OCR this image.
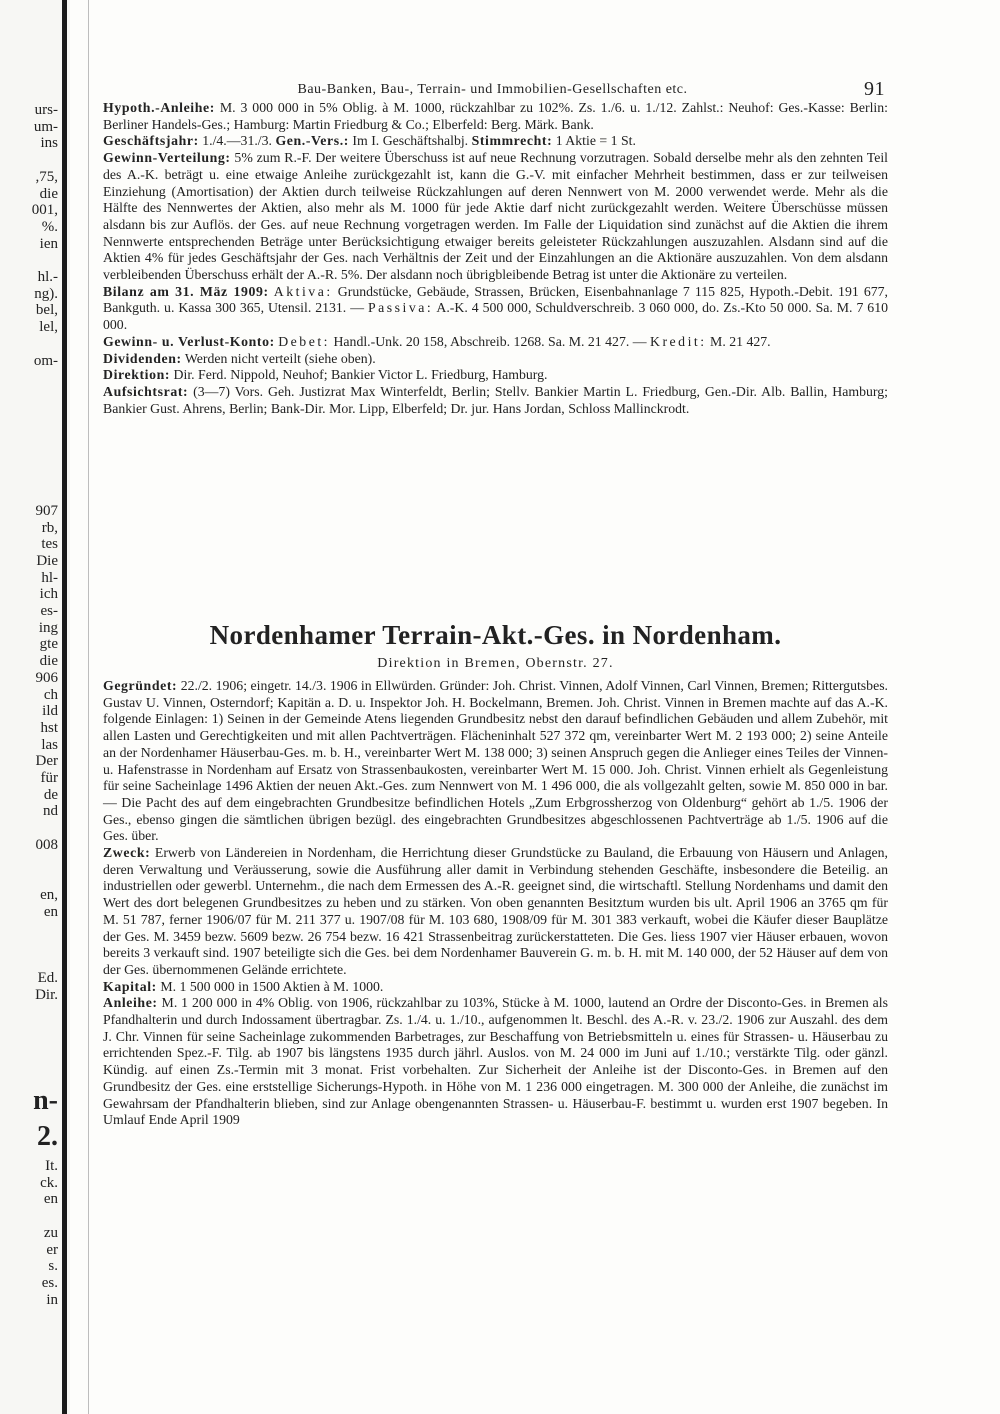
urs-
um-
ins
,75,
die
001,
%.
ien
hl.-
ng).
bel,
lel,
om-
907
rb,
tes
Die
hl-
ich
es-
ing
gte
die
906
ch
ild
hst
las
Der
für
de
nd
008
en,
en
Ed.
Dir.
n-
2.
It.
ck.
en
zu
er
s.
es.
in
Bau-Banken, Bau-, Terrain- und Immobilien-Gesellschaften etc.	91

Hypoth.-Anleihe: M. 3 000 000 in 5% Oblig. à M. 1000, rückzahlbar zu 102%. Zs. 1./6. u. 1./12. Zahlst.: Neuhof: Ges.-Kasse: Berlin: Berliner Handels-Ges.; Hamburg: Martin Friedburg & Co.; Elberfeld: Berg. Märk. Bank.

Geschäftsjahr: 1./4.—31./3. Gen.-Vers.: Im I. Geschäftshalbj. Stimmrecht: 1 Aktie = 1 St.

Gewinn-Verteilung: 5% zum R.-F. Der weitere Überschuss ist auf neue Rechnung vorzutragen. Sobald derselbe mehr als den zehnten Teil des A.-K. beträgt u. eine etwaige Anleihe zurückgezahlt ist, kann die G.-V. mit einfacher Mehrheit bestimmen, dass er zur teilweisen Einziehung (Amortisation) der Aktien durch teilweise Rückzahlungen auf deren Nennwert von M. 2000 verwendet werde. Mehr als die Hälfte des Nennwertes der Aktien, also mehr als M. 1000 für jede Aktie darf nicht zurückgezahlt werden. Weitere Überschüsse müssen alsdann bis zur Auflös. der Ges. auf neue Rechnung vorgetragen werden. Im Falle der Liquidation sind zunächst auf die Aktien die ihrem Nennwerte entsprechenden Beträge unter Berücksichtigung etwaiger bereits geleisteter Rückzahlungen auszuzahlen. Alsdann sind auf die Aktien 4% für jedes Geschäftsjahr der Ges. nach Verhältnis der Zeit und der Einzahlungen an die Aktionäre auszuzahlen. Von dem alsdann verbleibenden Überschuss erhält der A.-R. 5%. Der alsdann noch übrigbleibende Betrag ist unter die Aktionäre zu verteilen.

Bilanz am 31. Mäz 1909: Aktiva: Grundstücke, Gebäude, Strassen, Brücken, Eisenbahnanlage 7 115 825, Hypoth.-Debit. 191 677, Bankguth. u. Kassa 300 365, Utensil. 2131. — Passiva: A.-K. 4 500 000, Schuldverschreib. 3 060 000, do. Zs.-Kto 50 000. Sa. M. 7 610 000.

Gewinn- u. Verlust-Konto: Debet: Handl.-Unk. 20 158, Abschreib. 1268. Sa. M. 21 427. — Kredit: M. 21 427.

Dividenden: Werden nicht verteilt (siehe oben).

Direktion: Dir. Ferd. Nippold, Neuhof; Bankier Victor L. Friedburg, Hamburg.

Aufsichtsrat: (3—7) Vors. Geh. Justizrat Max Winterfeldt, Berlin; Stellv. Bankier Martin L. Friedburg, Gen.-Dir. Alb. Ballin, Hamburg; Bankier Gust. Ahrens, Berlin; Bank-Dir. Mor. Lipp, Elberfeld; Dr. jur. Hans Jordan, Schloss Mallinckrodt.

Nordenhamer Terrain-Akt.-Ges. in Nordenham.
Direktion in Bremen, Obernstr. 27.

Gegründet: 22./2. 1906; eingetr. 14./3. 1906 in Ellwürden. Gründer: Joh. Christ. Vinnen, Adolf Vinnen, Carl Vinnen, Bremen; Rittergutsbes. Gustav U. Vinnen, Osterndorf; Kapitän a. D. u. Inspektor Joh. H. Bockelmann, Bremen. Joh. Christ. Vinnen in Bremen machte auf das A.-K. folgende Einlagen: 1) Seinen in der Gemeinde Atens liegenden Grundbesitz nebst den darauf befindlichen Gebäuden und allem Zubehör, mit allen Lasten und Gerechtigkeiten und mit allen Pachtverträgen. Flächeninhalt 527 372 qm, vereinbarter Wert M. 2 193 000; 2) seine Anteile an der Nordenhamer Häuserbau-Ges. m. b. H., vereinbarter Wert M. 138 000; 3) seinen Anspruch gegen die Anlieger eines Teiles der Vinnen- u. Hafenstrasse in Nordenham auf Ersatz von Strassenbaukosten, vereinbarter Wert M. 15 000. Joh. Christ. Vinnen erhielt als Gegenleistung für seine Sacheinlage 1496 Aktien der neuen Akt.-Ges. zum Nennwert von M. 1 496 000, die als vollgezahlt gelten, sowie M. 850 000 in bar. — Die Pacht des auf dem eingebrachten Grundbesitze befindlichen Hotels „Zum Erbgrossherzog von Oldenburg“ gehört ab 1./5. 1906 der Ges., ebenso gingen die sämtlichen übrigen bezügl. des eingebrachten Grundbesitzes abgeschlossenen Pachtverträge ab 1./5. 1906 auf die Ges. über.

Zweck: Erwerb von Ländereien in Nordenham, die Herrichtung dieser Grundstücke zu Bauland, die Erbauung von Häusern und Anlagen, deren Verwaltung und Veräusserung, sowie die Ausführung aller damit in Verbindung stehenden Geschäfte, insbesondere die Beteilig. an industriellen oder gewerbl. Unternehm., die nach dem Ermessen des A.-R. geeignet sind, die wirtschaftl. Stellung Nordenhams und damit den Wert des dort belegenen Grundbesitzes zu heben und zu stärken. Von oben genannten Besitztum wurden bis ult. April 1906 an 3765 qm für M. 51 787, ferner 1906/07 für M. 211 377 u. 1907/08 für M. 103 680, 1908/09 für M. 301 383 verkauft, wobei die Käufer dieser Bauplätze der Ges. M. 3459 bezw. 5609 bezw. 26 754 bezw. 16 421 Strassenbeitrag zurückerstatteten. Die Ges. liess 1907 vier Häuser erbauen, wovon bereits 3 verkauft sind. 1907 beteiligte sich die Ges. bei dem Nordenhamer Bauverein G. m. b. H. mit M. 140 000, der 52 Häuser auf dem von der Ges. übernommenen Gelände errichtete.

Kapital: M. 1 500 000 in 1500 Aktien à M. 1000.

Anleihe: M. 1 200 000 in 4% Oblig. von 1906, rückzahlbar zu 103%, Stücke à M. 1000, lautend an Ordre der Disconto-Ges. in Bremen als Pfandhalterin und durch Indossament übertragbar. Zs. 1./4. u. 1./10., aufgenommen lt. Beschl. des A.-R. v. 23./2. 1906 zur Auszahl. des dem J. Chr. Vinnen für seine Sacheinlage zukommenden Barbetrages, zur Beschaffung von Betriebsmitteln u. eines für Strassen- u. Häuserbau zu errichtenden Spez.-F. Tilg. ab 1907 bis längstens 1935 durch jährl. Auslos. von M. 24 000 im Juni auf 1./10.; verstärkte Tilg. oder gänzl. Kündig. auf einen Zs.-Termin mit 3 monat. Frist vorbehalten. Zur Sicherheit der Anleihe ist der Disconto-Ges. in Bremen auf den Grundbesitz der Ges. eine erststellige Sicherungs-Hypoth. in Höhe von M. 1 236 000 eingetragen. M. 300 000 der Anleihe, die zunächst im Gewahrsam der Pfandhalterin blieben, sind zur Anlage obengenannten Strassen- u. Häuserbau-F. bestimmt u. wurden erst 1907 begeben. In Umlauf Ende April 1909
